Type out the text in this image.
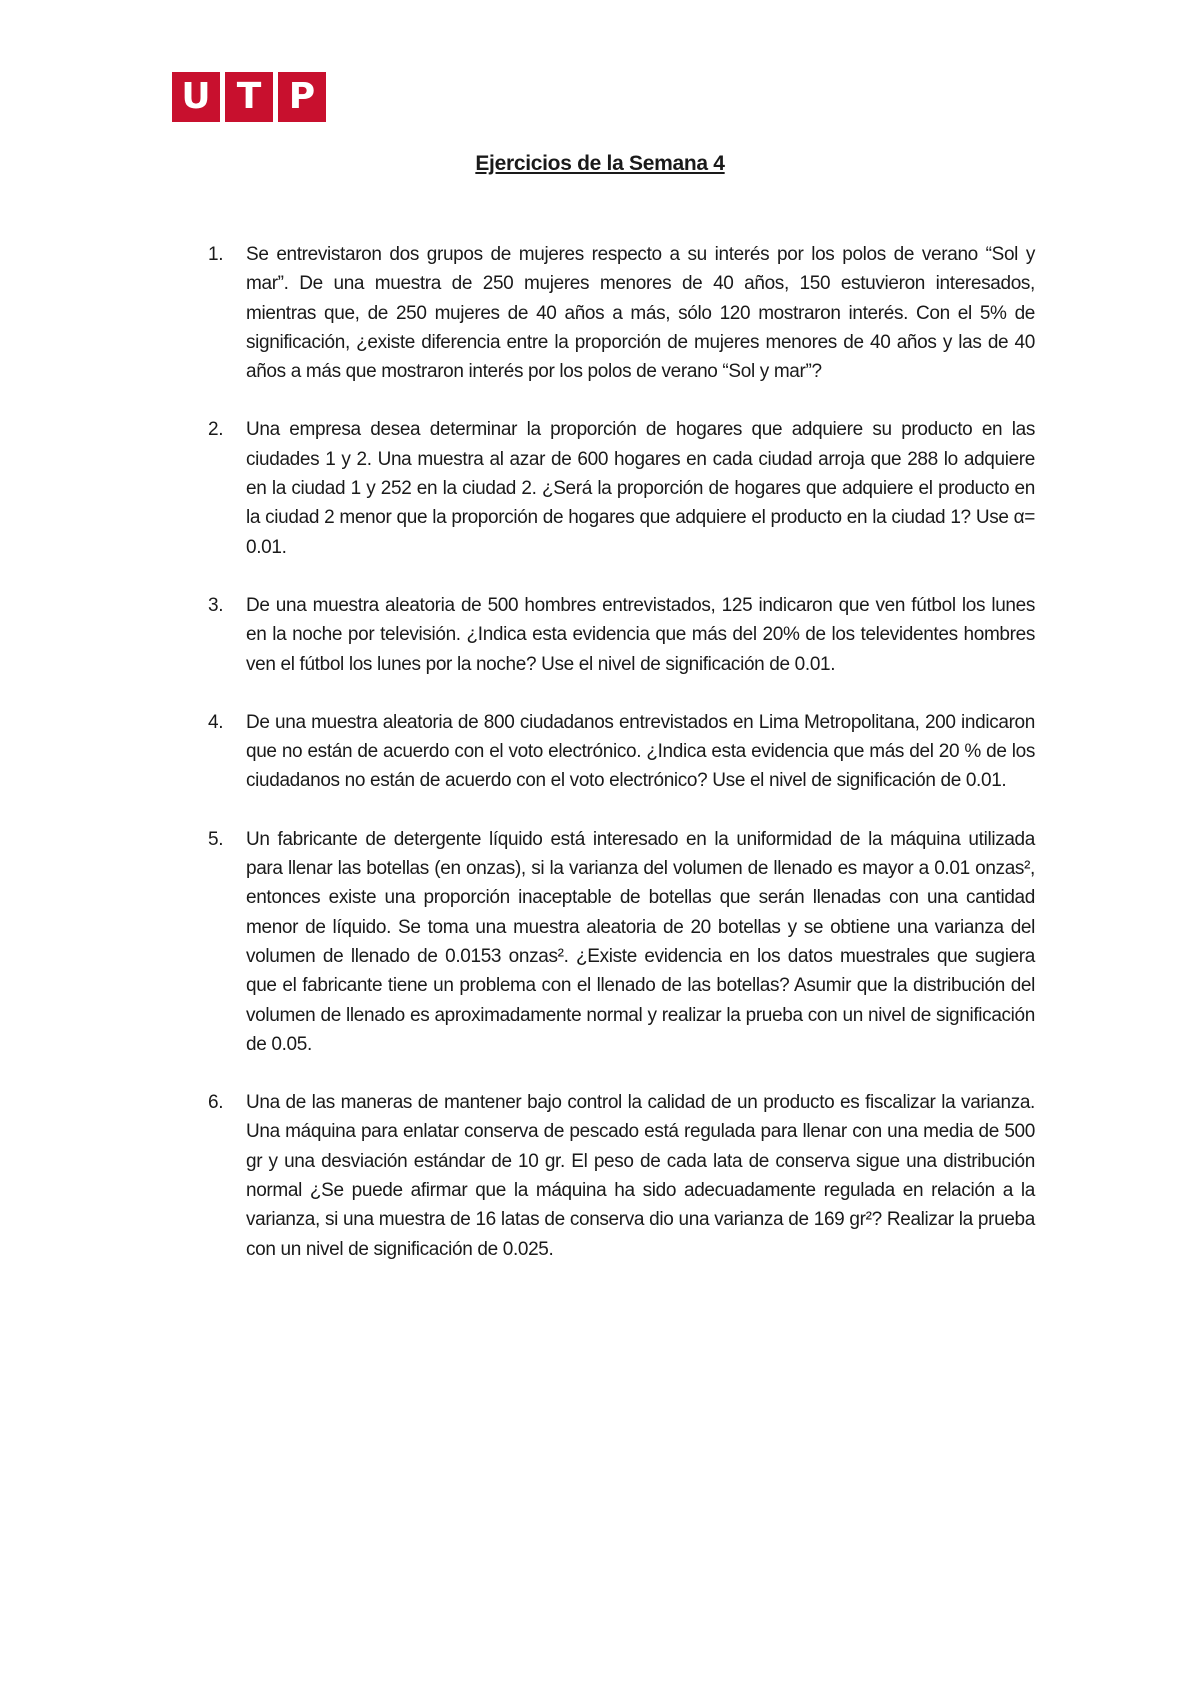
U T P
Ejercicios de la Semana 4
1. Se entrevistaron dos grupos de mujeres respecto a su interés por los polos de verano “Sol y mar”. De una muestra de 250 mujeres menores de 40 años, 150 estuvieron interesados, mientras que, de 250 mujeres de 40 años a más, sólo 120 mostraron interés. Con el 5% de significación, ¿existe diferencia entre la proporción de mujeres menores de 40 años y las de 40 años a más que mostraron interés por los polos de verano “Sol y mar”?
2. Una empresa desea determinar la proporción de hogares que adquiere su producto en las ciudades 1 y 2. Una muestra al azar de 600 hogares en cada ciudad arroja que 288 lo adquiere en la ciudad 1 y 252 en la ciudad 2. ¿Será la proporción de hogares que adquiere el producto en la ciudad 2 menor que la proporción de hogares que adquiere el producto en la ciudad 1? Use α= 0.01.
3. De una muestra aleatoria de 500 hombres entrevistados, 125 indicaron que ven fútbol los lunes en la noche por televisión. ¿Indica esta evidencia que más del 20% de los televidentes hombres ven el fútbol los lunes por la noche? Use el nivel de significación de 0.01.
4. De una muestra aleatoria de 800 ciudadanos entrevistados en Lima Metropolitana, 200 indicaron que no están de acuerdo con el voto electrónico. ¿Indica esta evidencia que más del 20 % de los ciudadanos no están de acuerdo con el voto electrónico? Use el nivel de significación de 0.01.
5. Un fabricante de detergente líquido está interesado en la uniformidad de la máquina utilizada para llenar las botellas (en onzas), si la varianza del volumen de llenado es mayor a 0.01 onzas², entonces existe una proporción inaceptable de botellas que serán llenadas con una cantidad menor de líquido. Se toma una muestra aleatoria de 20 botellas y se obtiene una varianza del volumen de llenado de 0.0153 onzas². ¿Existe evidencia en los datos muestrales que sugiera que el fabricante tiene un problema con el llenado de las botellas? Asumir que la distribución del volumen de llenado es aproximadamente normal y realizar la prueba con un nivel de significación de 0.05.
6. Una de las maneras de mantener bajo control la calidad de un producto es fiscalizar la varianza. Una máquina para enlatar conserva de pescado está regulada para llenar con una media de 500 gr y una desviación estándar de 10 gr. El peso de cada lata de conserva sigue una distribución normal ¿Se puede afirmar que la máquina ha sido adecuadamente regulada en relación a la varianza, si una muestra de 16 latas de conserva dio una varianza de 169 gr²? Realizar la prueba con un nivel de significación de 0.025.
